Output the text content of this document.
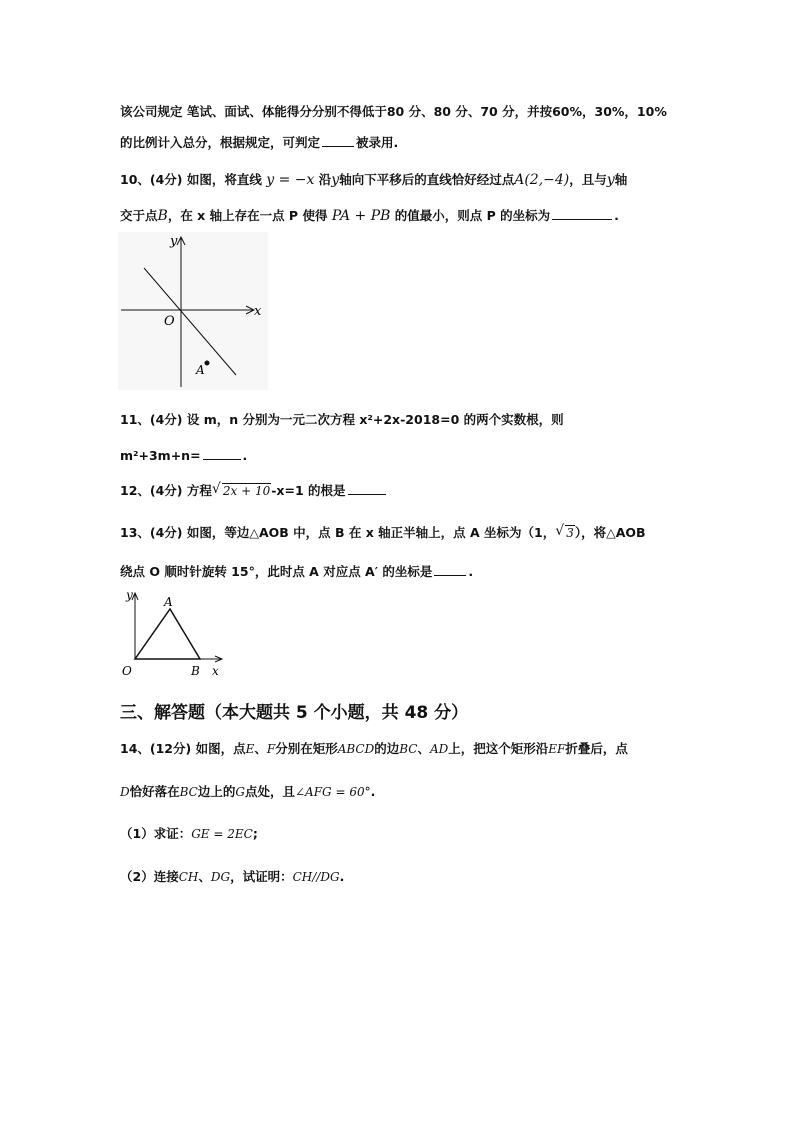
该公司规定 笔试、面试、体能得分分别不得低于80 分、80 分、70 分，并按60%，30%，10%
的比例计入总分，根据规定，可判定	被录用.
10、(4分) 如图，将直线 y = −x 沿y轴向下平移后的直线恰好经过点A(2,−4)，且与y轴
交于点B，在 x 轴上存在一点 P 使得 PA + PB 的值最小，则点 P 的坐标为	.
y
x
O
A
11、(4分) 设 m，n 分别为一元二次方程 x²+2x-2018=0 的两个实数根，则
m²+3m+n=	.
12、(4分) 方程 √ 2x + 10-x=1 的根是
13、(4分) 如图，等边△AOB 中，点 B 在 x 轴正半轴上，点 A 坐标为（1， √ 3），将△AOB
绕点 O 顺时针旋转 15°，此时点 A 对应点 A′ 的坐标是	.
y
x
O
A
B
三、解答题（本大题共 5 个小题，共 48 分）
14、(12分) 如图，点E、F分别在矩形ABCD的边BC、AD上，把这个矩形沿EF折叠后，点
D恰好落在BC边上的G点处，且∠AFG = 60°.
（1）求证：GE = 2EC;
（2）连接CH、DG，试证明：CH//DG.
